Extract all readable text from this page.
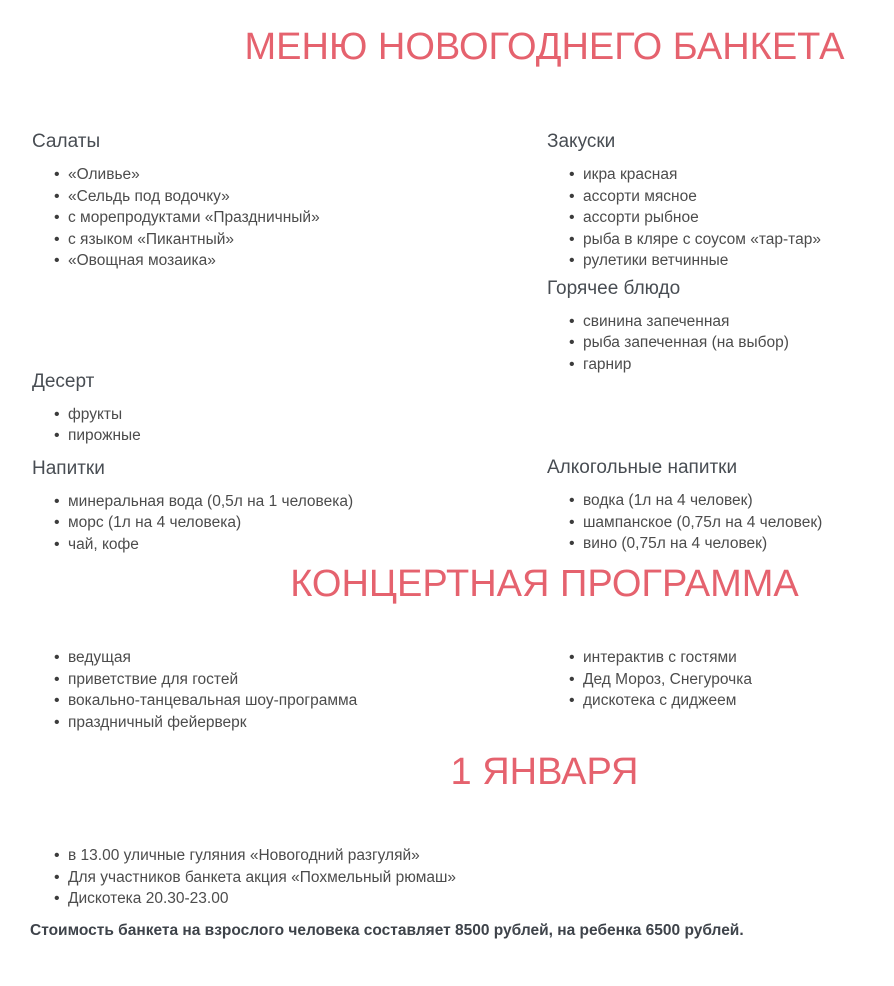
МЕНЮ НОВОГОДНЕГО БАНКЕТА
Салаты
• «Оливье»
• «Сельдь под водочку»
• с морепродуктами «Праздничный»
• с языком «Пикантный»
• «Овощная мозаика»
Десерт
• фрукты
• пирожные
Напитки
• минеральная вода (0,5л на 1 человека)
• морс (1л на 4 человека)
• чай, кофе
Закуски
• икра красная
• ассорти мясное
• ассорти рыбное
• рыба в кляре с соусом «тар-тар»
• рулетики ветчинные
Горячее блюдо
• свинина запеченная
• рыба запеченная (на выбор)
• гарнир
Алкогольные напитки
• водка (1л на 4 человек)
• шампанское (0,75л на 4 человек)
• вино (0,75л на 4 человек)
КОНЦЕРТНАЯ ПРОГРАММА
• ведущая
• приветствие для гостей
• вокально-танцевальная шоу-программа
• праздничный фейерверк
• интерактив с гостями
• Дед Мороз, Снегурочка
• дискотека с диджеем
1 ЯНВАРЯ
• в 13.00 уличные гуляния «Новогодний разгуляй»
• Для участников банкета акция «Похмельный рюмаш»
• Дискотека 20.30-23.00

Стоимость банкета на взрослого человека составляет 8500 рублей, на ребенка 6500 рублей.
